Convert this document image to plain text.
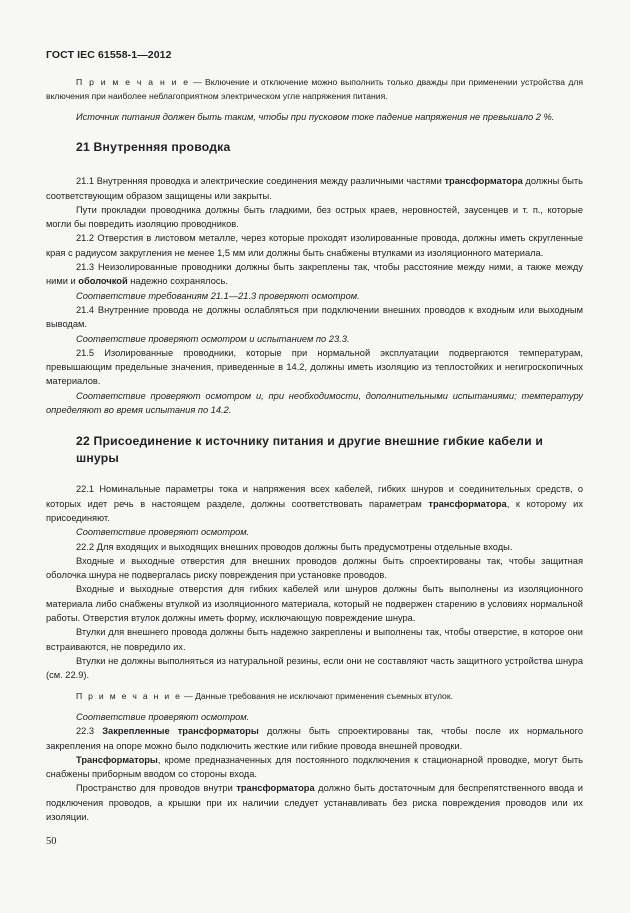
ГОСТ IEC 61558-1—2012

П р и м е ч а н и е — Включение и отключение можно выполнить только дважды при применении устройства для включения при наиболее неблагоприятном электрическом угле напряжения питания.

Источник питания должен быть таким, чтобы при пусковом токе падение напряжения не превышало 2 %.

21 Внутренняя проводка

21.1 Внутренняя проводка и электрические соединения между различными частями трансформатора должны быть соответствующим образом защищены или закрыты.

Пути прокладки проводника должны быть гладкими, без острых краев, неровностей, заусенцев и т. п., которые могли бы повредить изоляцию проводников.

21.2 Отверстия в листовом металле, через которые проходят изолированные провода, должны иметь скругленные края с радиусом закругления не менее 1,5 мм или должны быть снабжены втулками из изоляционного материала.

21.3 Неизолированные проводники должны быть закреплены так, чтобы расстояние между ними, а также между ними и оболочкой надежно сохранялось.

Соответствие требованиям 21.1—21.3 проверяют осмотром.

21.4 Внутренние провода не должны ослабляться при подключении внешних проводов к входным или выходным выводам.

Соответствие проверяют осмотром и испытанием по 23.3.

21.5 Изолированные проводники, которые при нормальной эксплуатации подвергаются температурам, превышающим предельные значения, приведенные в 14.2, должны иметь изоляцию из теплостойких и негигроскопичных материалов.

Соответствие проверяют осмотром и, при необходимости, дополнительными испытаниями; температуру определяют во время испытания по 14.2.

22 Присоединение к источнику питания и другие внешние гибкие кабели и шнуры

22.1 Номинальные параметры тока и напряжения всех кабелей, гибких шнуров и соединительных средств, о которых идет речь в настоящем разделе, должны соответствовать параметрам трансформатора, к которому их присоединяют.

Соответствие проверяют осмотром.

22.2 Для входящих и выходящих внешних проводов должны быть предусмотрены отдельные входы.

Входные и выходные отверстия для внешних проводов должны быть спроектированы так, чтобы защитная оболочка шнура не подвергалась риску повреждения при установке проводов.

Входные и выходные отверстия для гибких кабелей или шнуров должны быть выполнены из изоляционного материала либо снабжены втулкой из изоляционного материала, который не подвержен старению в условиях нормальной работы. Отверстия втулок должны иметь форму, исключающую повреждение шнура.

Втулки для внешнего провода должны быть надежно закреплены и выполнены так, чтобы отверстие, в которое они встраиваются, не повредило их.

Втулки не должны выполняться из натуральной резины, если они не составляют часть защитного устройства шнура (см. 22.9).

П р и м е ч а н и е — Данные требования не исключают применения съемных втулок.

Соответствие проверяют осмотром.

22.3 Закрепленные трансформаторы должны быть спроектированы так, чтобы после их нормального закрепления на опоре можно было подключить жесткие или гибкие провода внешней проводки.

Трансформаторы, кроме предназначенных для постоянного подключения к стационарной проводке, могут быть снабжены приборным вводом со стороны входа.

Пространство для проводов внутри трансформатора должно быть достаточным для беспрепятственного ввода и подключения проводов, а крышки при их наличии следует устанавливать без риска повреждения проводов или их изоляции.

50
